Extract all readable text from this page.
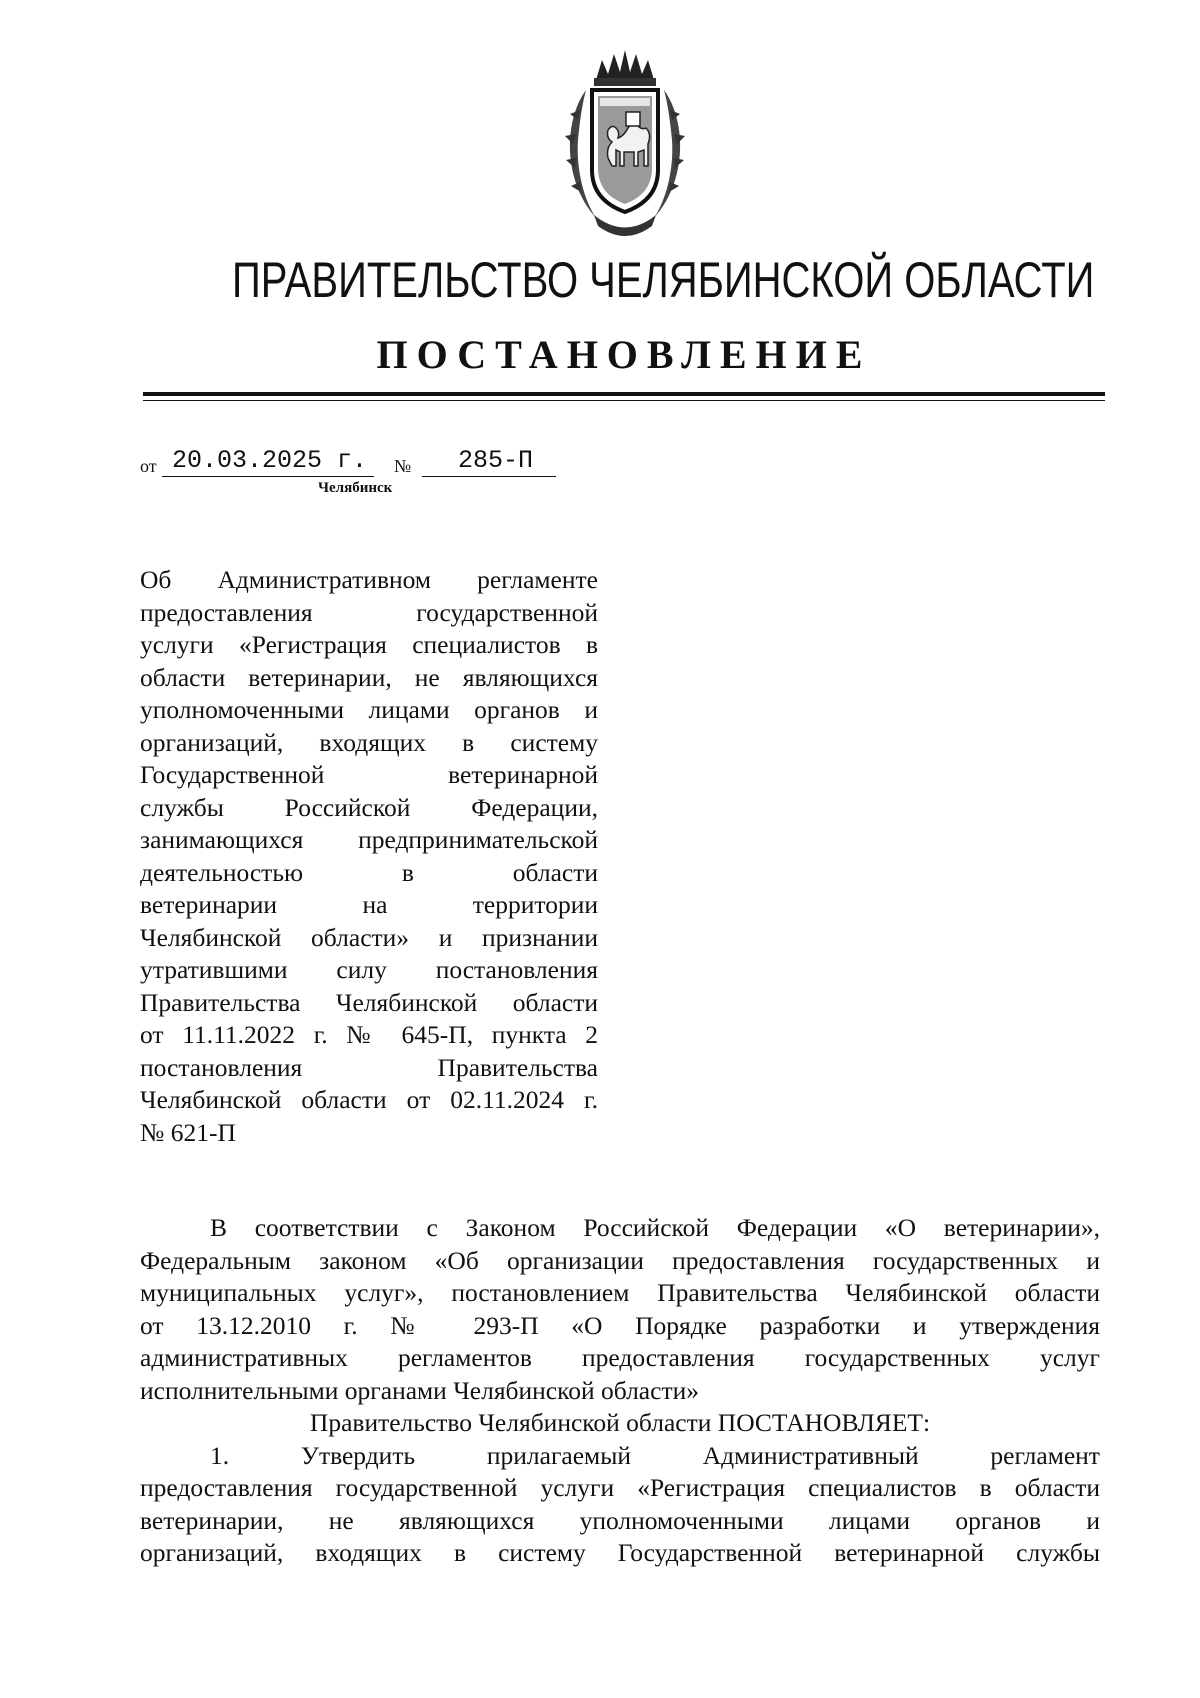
ПРАВИТЕЛЬСТВО ЧЕЛЯБИНСКОЙ ОБЛАСТИ
ПОСТАНОВЛЕНИЕ
от 20.03.2025 г. № 285-П
Челябинск
Об Административном регламенте
предоставления государственной
услуги «Регистрация специалистов в
области ветеринарии, не являющихся
уполномоченными лицами органов и
организаций, входящих в систему
Государственной ветеринарной
службы Российской Федерации,
занимающихся предпринимательской
деятельностью в области
ветеринарии на территории
Челябинской области» и признании
утратившими силу постановления
Правительства Челябинской области
от 11.11.2022 г. № 645-П, пункта 2
постановления Правительства
Челябинской области от 02.11.2024 г.
№ 621-П
В соответствии с Законом Российской Федерации «О ветеринарии»,
Федеральным законом «Об организации предоставления государственных и
муниципальных услуг», постановлением Правительства Челябинской области
от 13.12.2010 г. № 293-П «О Порядке разработки и утверждения
административных регламентов предоставления государственных услуг
исполнительными органами Челябинской области»
Правительство Челябинской области ПОСТАНОВЛЯЕТ:
1.	Утвердить	прилагаемый	Административный	регламент
предоставления государственной услуги «Регистрация специалистов в области
ветеринарии, не являющихся уполномоченными лицами органов и
организаций, входящих в систему Государственной ветеринарной службы
